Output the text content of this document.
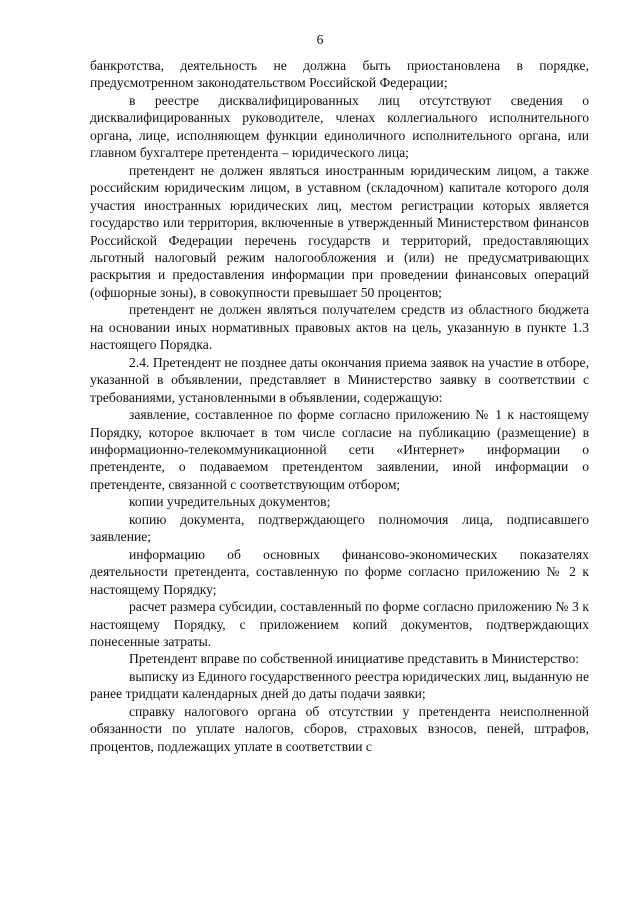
6

банкротства, деятельность не должна быть приостановлена в порядке, предусмотренном законодательством Российской Федерации;

в реестре дисквалифицированных лиц отсутствуют сведения о дисквалифицированных руководителе, членах коллегиального исполнительного органа, лице, исполняющем функции единоличного исполнительного органа, или главном бухгалтере претендента – юридического лица;

претендент не должен являться иностранным юридическим лицом, а также российским юридическим лицом, в уставном (складочном) капитале которого доля участия иностранных юридических лиц, местом регистрации которых является государство или территория, включенные в утвержденный Министерством финансов Российской Федерации перечень государств и территорий, предоставляющих льготный налоговый режим налогообложения и (или) не предусматривающих раскрытия и предоставления информации при проведении финансовых операций (офшорные зоны), в совокупности превышает 50 процентов;

претендент не должен являться получателем средств из областного бюджета на основании иных нормативных правовых актов на цель, указанную в пункте 1.3 настоящего Порядка.

2.4. Претендент не позднее даты окончания приема заявок на участие в отборе, указанной в объявлении, представляет в Министерство заявку в соответствии с требованиями, установленными в объявлении, содержащую:

заявление, составленное по форме согласно приложению № 1 к настоящему Порядку, которое включает в том числе согласие на публикацию (размещение) в информационно-телекоммуникационной сети «Интернет» информации о претенденте, о подаваемом претендентом заявлении, иной информации о претенденте, связанной с соответствующим отбором;

копии учредительных документов;

копию документа, подтверждающего полномочия лица, подписавшего заявление;

информацию об основных финансово-экономических показателях деятельности претендента, составленную по форме согласно приложению № 2 к настоящему Порядку;

расчет размера субсидии, составленный по форме согласно приложению № 3 к настоящему Порядку, с приложением копий документов, подтверждающих понесенные затраты.

Претендент вправе по собственной инициативе представить в Министерство:

выписку из Единого государственного реестра юридических лиц, выданную не ранее тридцати календарных дней до даты подачи заявки;

справку налогового органа об отсутствии у претендента неисполненной обязанности по уплате налогов, сборов, страховых взносов, пеней, штрафов, процентов, подлежащих уплате в соответствии с
